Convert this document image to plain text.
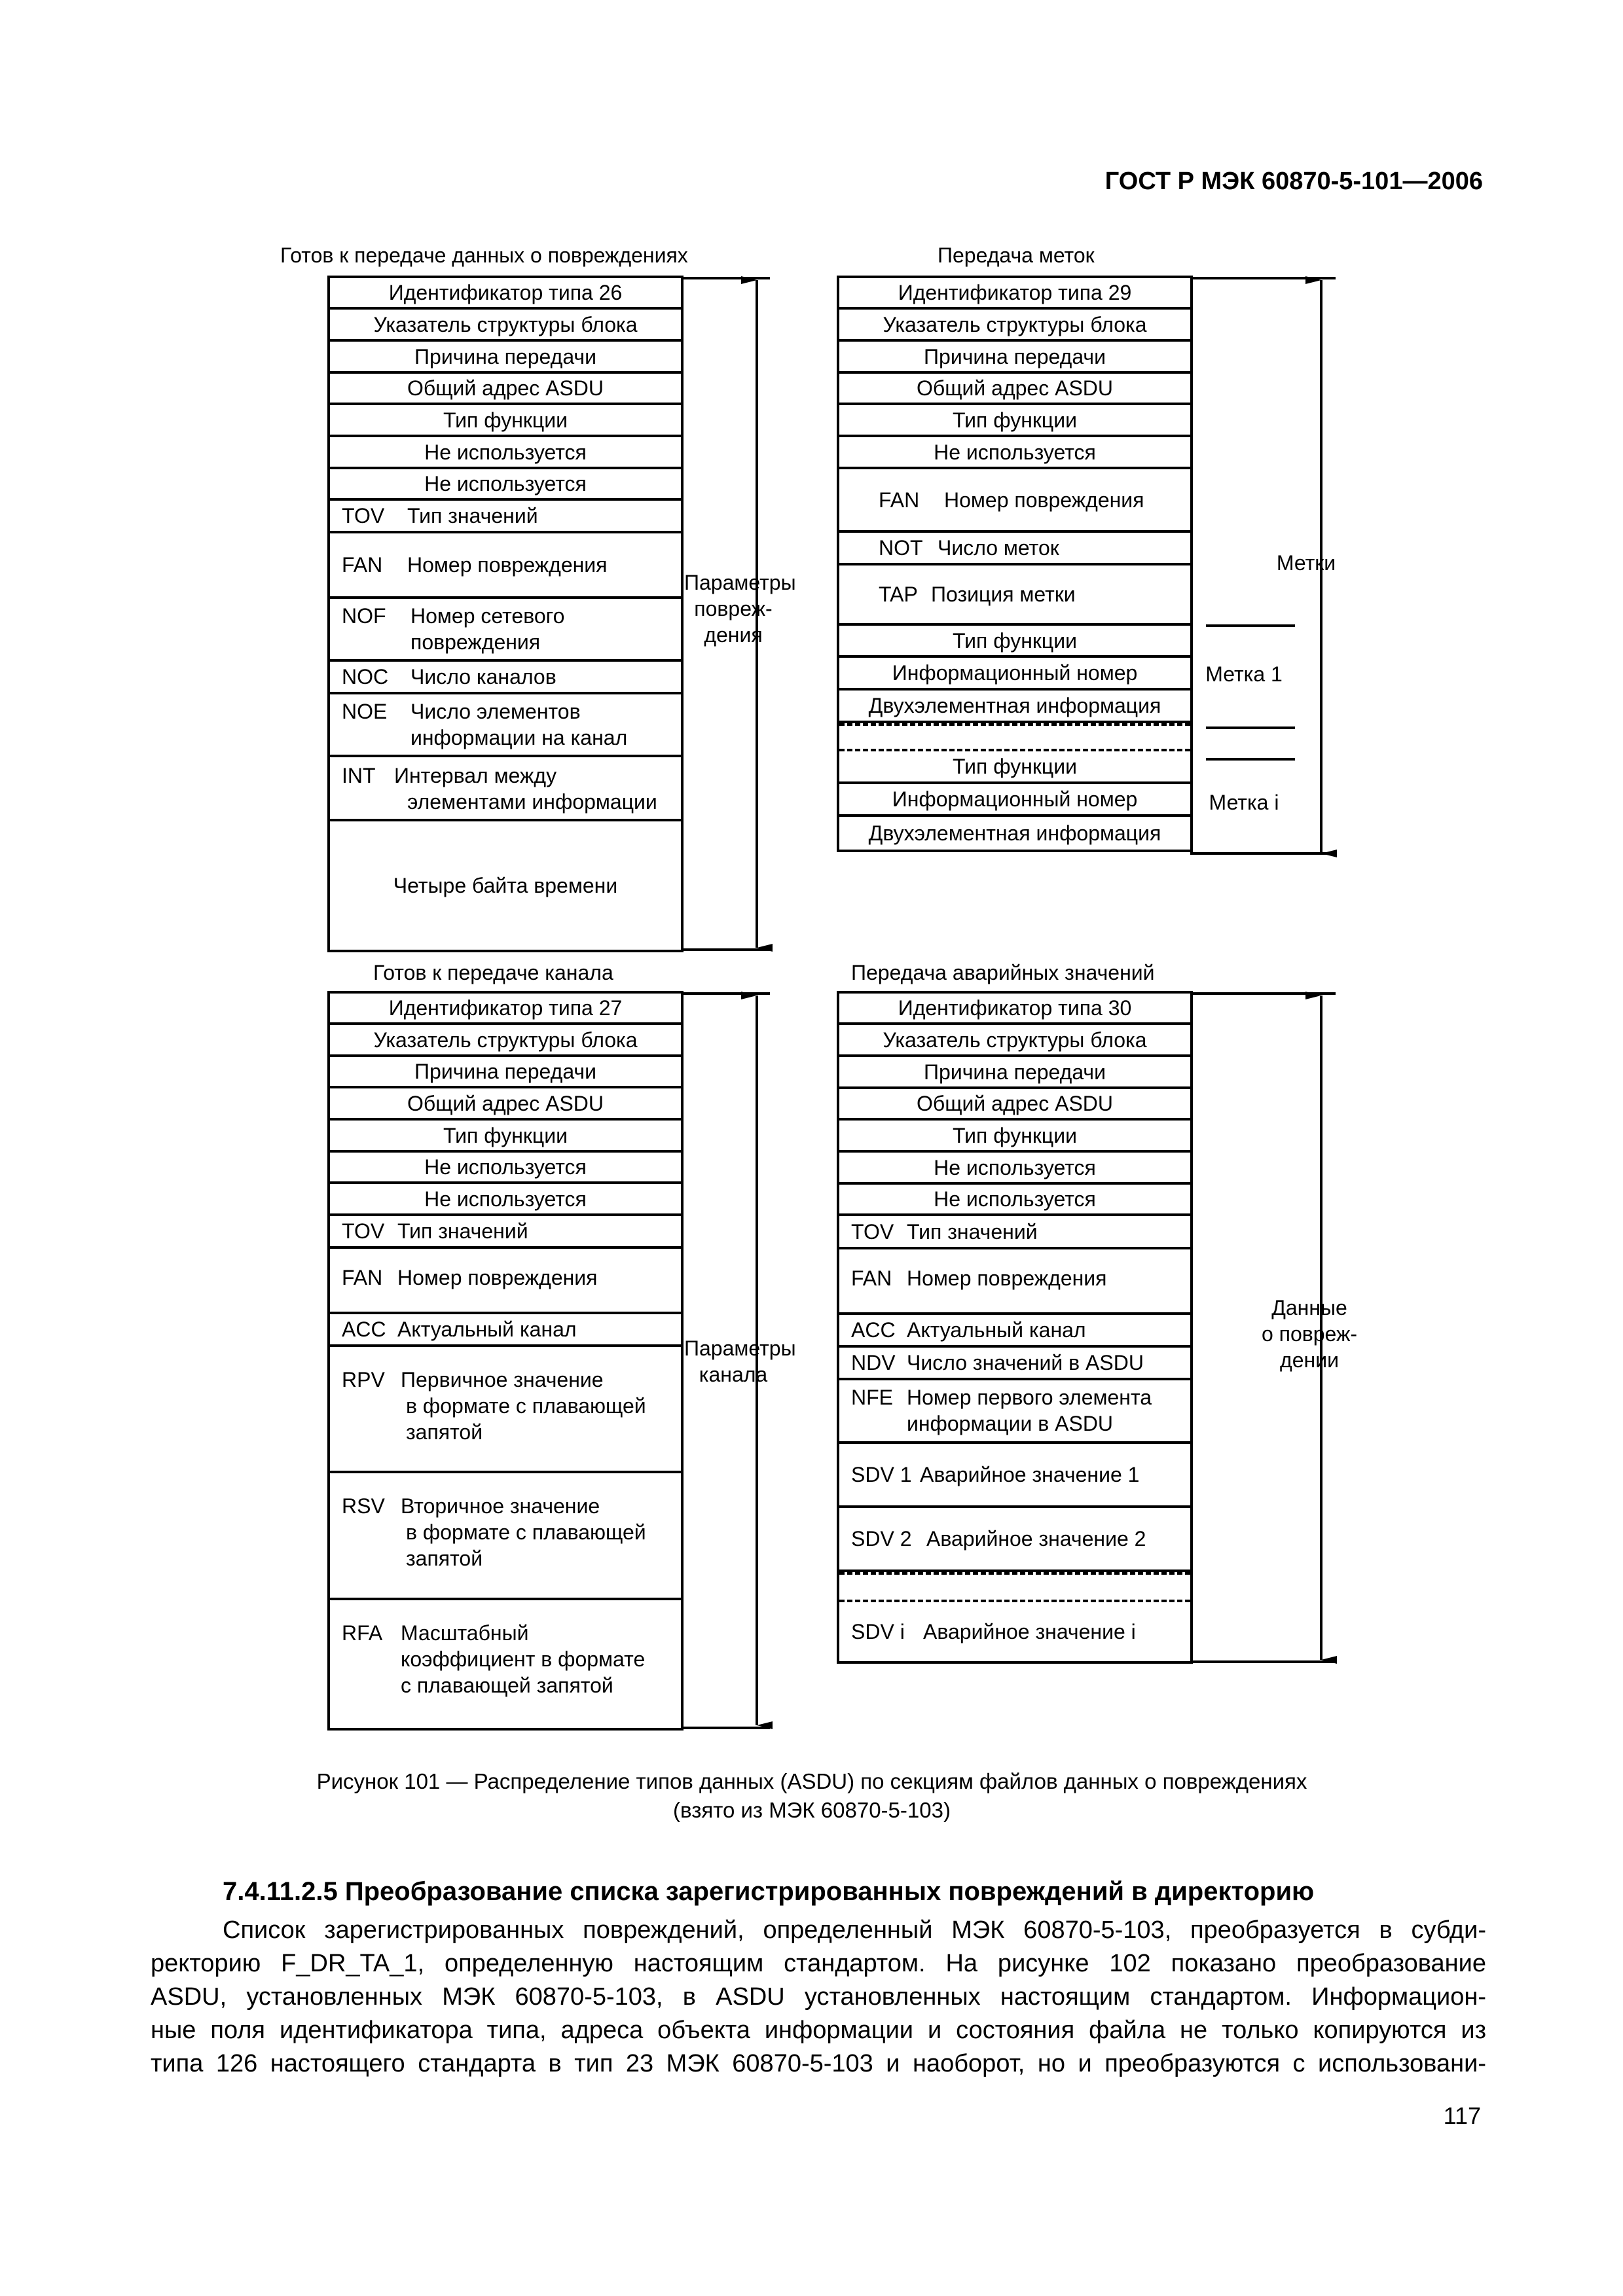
ГОСТ Р МЭК 60870-5-101—2006
Готов к передаче данных о повреждениях
Идентификатор типа 26
Указатель структуры блока
Причина передачи
Общий адрес ASDU
Тип функции
Не используется
Не используется
TOV	Тип значений
FAN	Номер повреждения
NOF	Номер сетевого
повреждения
NOC	Число каналов
NOE	Число элементов
информации на канал
INT Интервал между
элементами информации
Четыре байта времени
Параметры
повреж-
дения
Передача меток
Идентификатор типа 29
Указатель структуры блока
Причина передачи
Общий адрес ASDU
Тип функции
Не используется
FAN	Номер повреждения
NOT Число меток
TAP Позиция метки
Тип функции
Информационный номер
Двухэлементная информация
Тип функции
Информационный номер
Двухэлементная информация
Метки
Метка 1
Метка i
Готов к передаче канала
Идентификатор типа 27
Указатель структуры блока
Причина передачи
Общий адрес ASDU
Тип функции
Не используется
Не используется
TOV Тип значений
FAN Номер повреждения
ACC Актуальный канал
RPV Первичное значение
в формате с плавающей
запятой
RSV Вторичное значение
в формате с плавающей
запятой
RFA Масштабный
коэффициент в формате
с плавающей запятой
Параметры
канала
Передача аварийных значений
Идентификатор типа 30
Указатель структуры блока
Причина передачи
Общий адрес ASDU
Тип функции
Не используется
Не используется
TOV Тип значений
FAN Номер повреждения
ACC Актуальный канал
NDV Число значений в ASDU
NFE Номер первого элемента
информации в ASDU
SDV 1 Аварийное значение 1
SDV 2 Аварийное значение 2
SDV i Аварийное значение i
Данные
о повреж-
дении
Рисунок 101 — Распределение типов данных (ASDU) по секциям файлов данных о повреждениях
(взято из МЭК 60870-5-103)
7.4.11.2.5 Преобразование списка зарегистрированных повреждений в директорию
Список зарегистрированных повреждений, определенный МЭК 60870-5-103, преобразуется в субди-
ректорию F_DR_TA_1, определенную настоящим стандартом. На рисунке 102 показано преобразование
ASDU, установленных МЭК 60870-5-103, в ASDU установленных настоящим стандартом. Информацион-
ные поля идентификатора типа, адреса объекта информации и состояния файла не только копируются из
типа 126 настоящего стандарта в тип 23 МЭК 60870-5-103 и наоборот, но и преобразуются с использовани-
117
